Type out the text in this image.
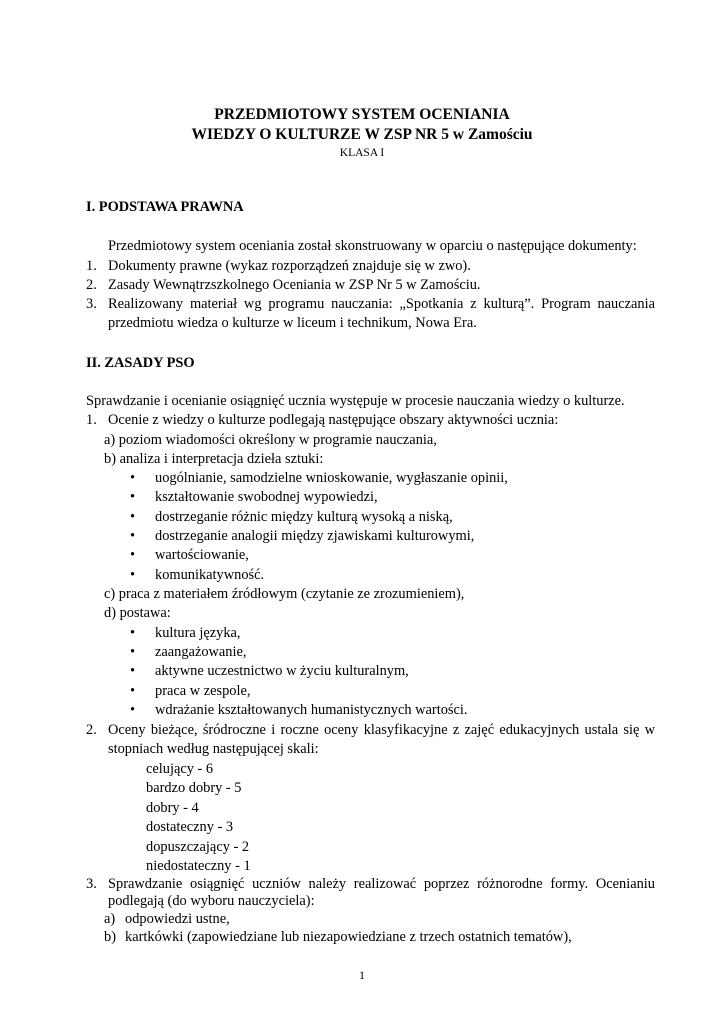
PRZEDMIOTOWY SYSTEM OCENIANIA
WIEDZY O KULTURZE W ZSP NR 5 w Zamościu
KLASA I
I. PODSTAWA PRAWNA
Przedmiotowy system oceniania został skonstruowany w oparciu o następujące dokumenty:
1. Dokumenty prawne (wykaz rozporządzeń znajduje się w zwo).
2. Zasady Wewnątrzszkolnego Oceniania w ZSP Nr 5 w Zamościu.
3. Realizowany materiał wg programu nauczania: „Spotkania z kulturą”. Program nauczania
przedmiotu wiedza o kulturze w liceum i technikum, Nowa Era.
II. ZASADY PSO
Sprawdzanie i ocenianie osiągnięć ucznia występuje w procesie nauczania wiedzy o kulturze.
1. Ocenie z wiedzy o kulturze podlegają następujące obszary aktywności ucznia:
a) poziom wiadomości określony w programie nauczania,
b) analiza i interpretacja dzieła sztuki:
• uogólnianie, samodzielne wnioskowanie, wygłaszanie opinii,
• kształtowanie swobodnej wypowiedzi,
• dostrzeganie różnic między kulturą wysoką a niską,
• dostrzeganie analogii między zjawiskami kulturowymi,
• wartościowanie,
• komunikatywność.
c) praca z materiałem źródłowym (czytanie ze zrozumieniem),
d) postawa:
• kultura języka,
• zaangażowanie,
• aktywne uczestnictwo w życiu kulturalnym,
• praca w zespole,
• wdrażanie kształtowanych humanistycznych wartości.
2. Oceny bieżące, śródroczne i roczne oceny klasyfikacyjne z zajęć edukacyjnych ustala się w
stopniach według następującej skali:
celujący - 6
bardzo dobry - 5
dobry - 4
dostateczny - 3
dopuszczający - 2
niedostateczny - 1
3. Sprawdzanie osiągnięć uczniów należy realizować poprzez różnorodne formy. Ocenianiu
podlegają (do wyboru nauczyciela):
a) odpowiedzi ustne,
b) kartkówki (zapowiedziane lub niezapowiedziane z trzech ostatnich tematów),
1
